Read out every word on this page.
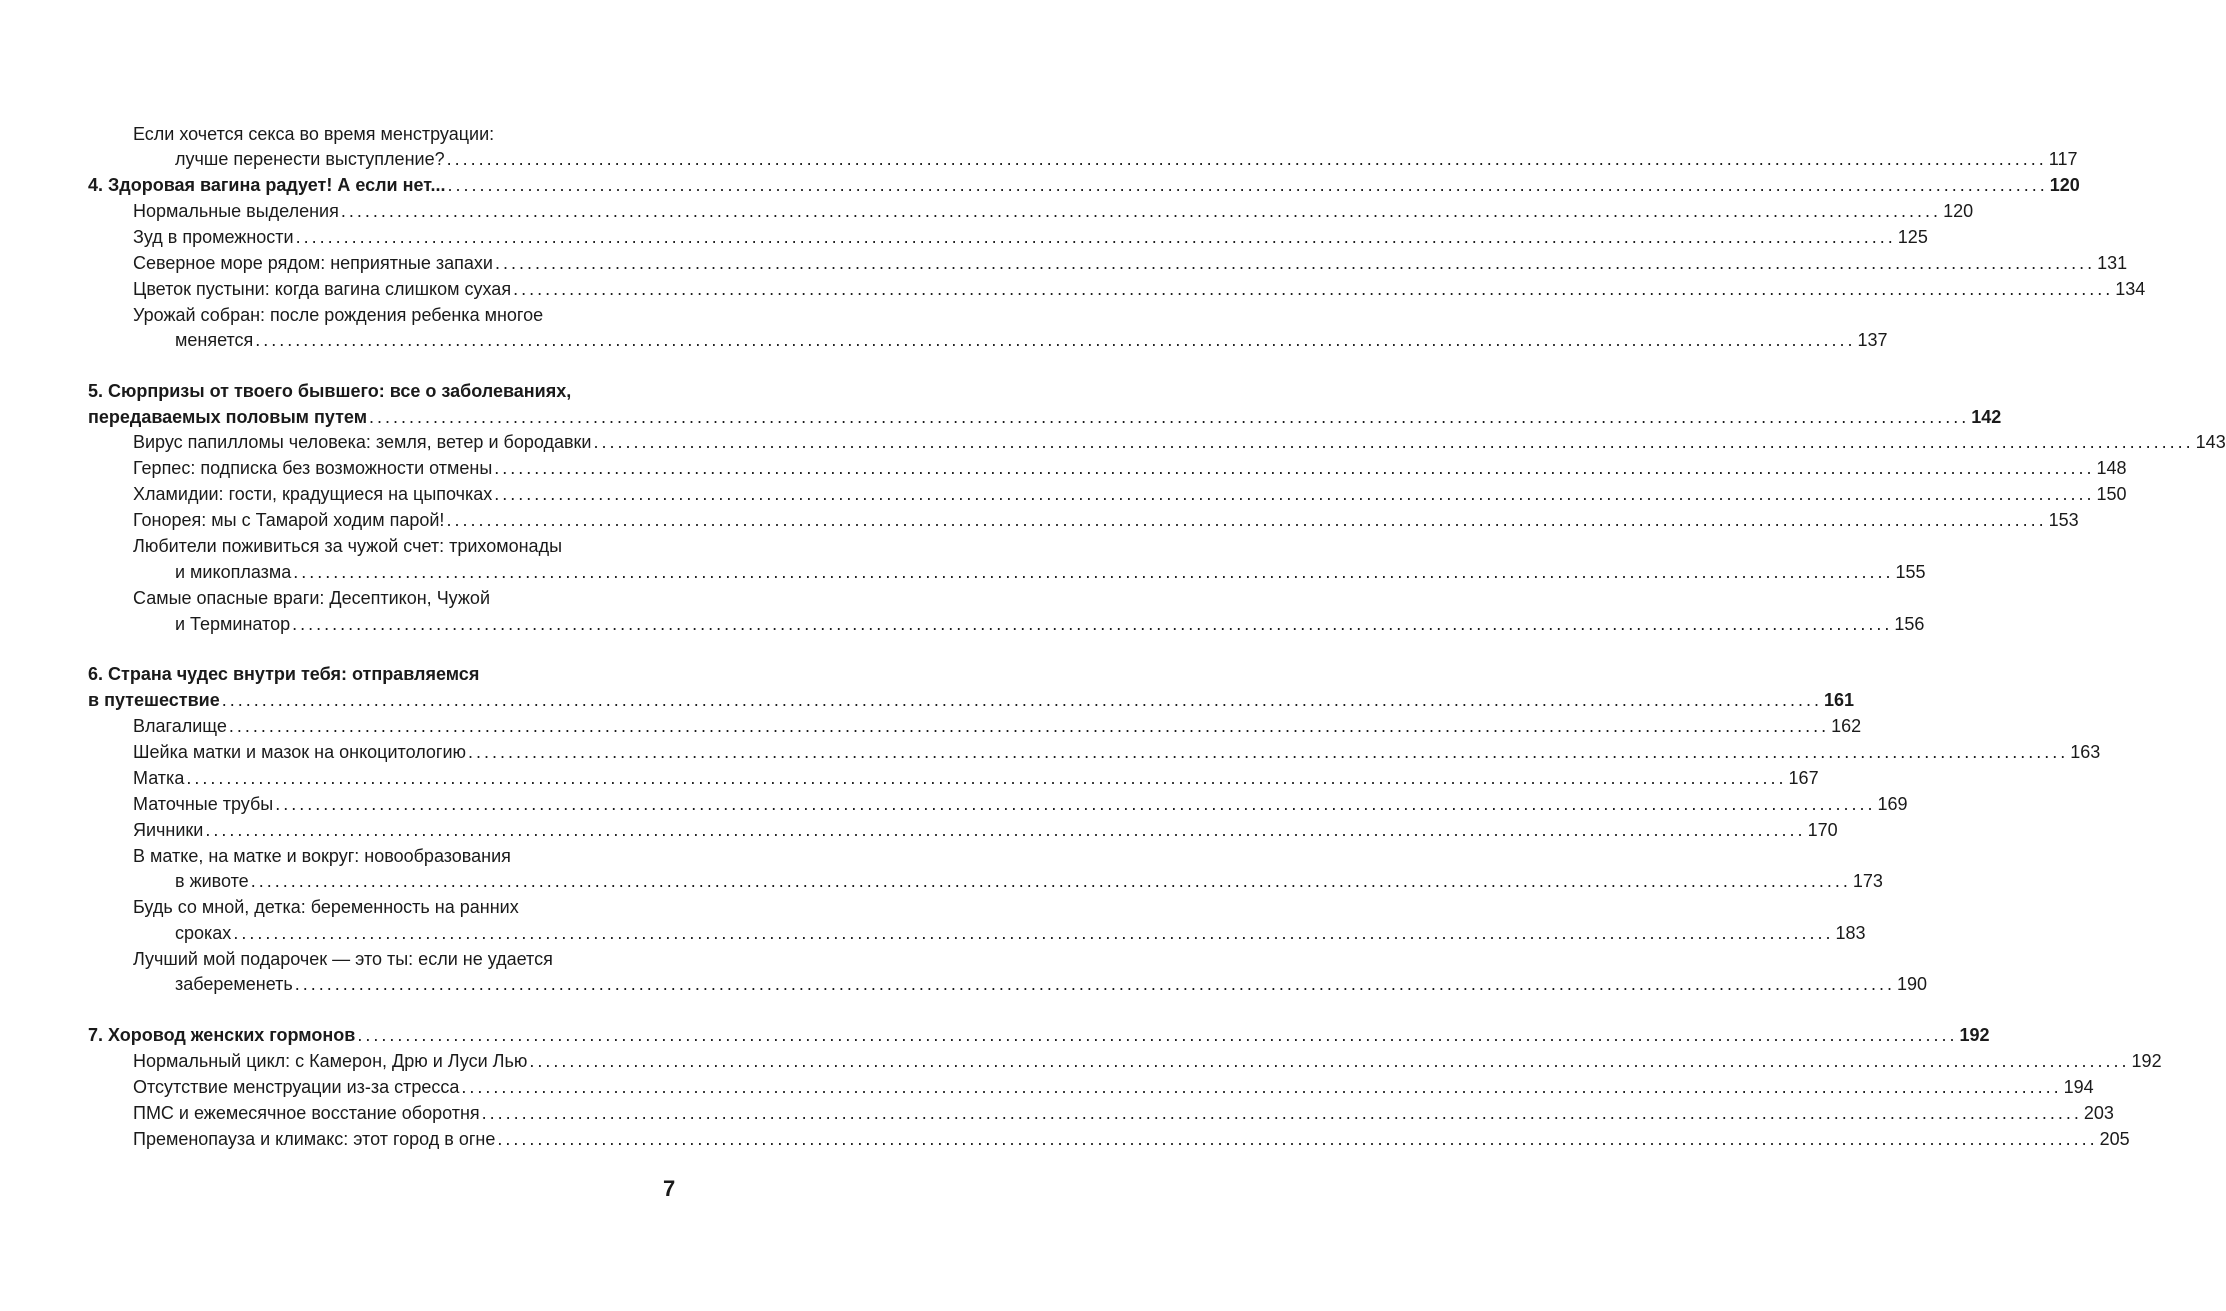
Если хочется секса во время менструации:
лучше перенести выступление? ........................................................................................................................................................................................................ 117
4. Здоровая вагина радует! А если нет... ........................................................................................................................................................................................................ 120
Нормальные выделения ........................................................................................................................................................................................................ 120
Зуд в промежности ........................................................................................................................................................................................................ 125
Северное море рядом: неприятные запахи ........................................................................................................................................................................................................ 131
Цветок пустыни: когда вагина слишком сухая ........................................................................................................................................................................................................ 134
Урожай собран: после рождения ребенка многое
меняется ........................................................................................................................................................................................................ 137
5. Сюрпризы от твоего бывшего: все о заболеваниях,
передаваемых половым путем ........................................................................................................................................................................................................ 142
Вирус папилломы человека: земля, ветер и бородавки ........................................................................................................................................................................................................ 143
Герпес: подписка без возможности отмены ........................................................................................................................................................................................................ 148
Хламидии: гости, крадущиеся на цыпочках ........................................................................................................................................................................................................ 150
Гонорея: мы с Тамарой ходим парой! ........................................................................................................................................................................................................ 153
Любители поживиться за чужой счет: трихомонады
и микоплазма ........................................................................................................................................................................................................ 155
Самые опасные враги: Десептикон, Чужой
и Терминатор ........................................................................................................................................................................................................ 156
6. Страна чудес внутри тебя: отправляемся
в путешествие ........................................................................................................................................................................................................ 161
Влагалище ........................................................................................................................................................................................................ 162
Шейка матки и мазок на онкоцитологию ........................................................................................................................................................................................................ 163
Матка ........................................................................................................................................................................................................ 167
Маточные трубы ........................................................................................................................................................................................................ 169
Яичники ........................................................................................................................................................................................................ 170
В матке, на матке и вокруг: новообразования
в животе ........................................................................................................................................................................................................ 173
Будь со мной, детка: беременность на ранних
сроках ........................................................................................................................................................................................................ 183
Лучший мой подарочек — это ты: если не удается
забеременеть ........................................................................................................................................................................................................ 190
7. Хоровод женских гормонов ........................................................................................................................................................................................................ 192
Нормальный цикл: с Камерон, Дрю и Луси Лью ........................................................................................................................................................................................................ 192
Отсутствие менструации из-за стресса ........................................................................................................................................................................................................ 194
ПМС и ежемесячное восстание оборотня ........................................................................................................................................................................................................ 203
Пременопауза и климакс: этот город в огне ........................................................................................................................................................................................................ 205
7
